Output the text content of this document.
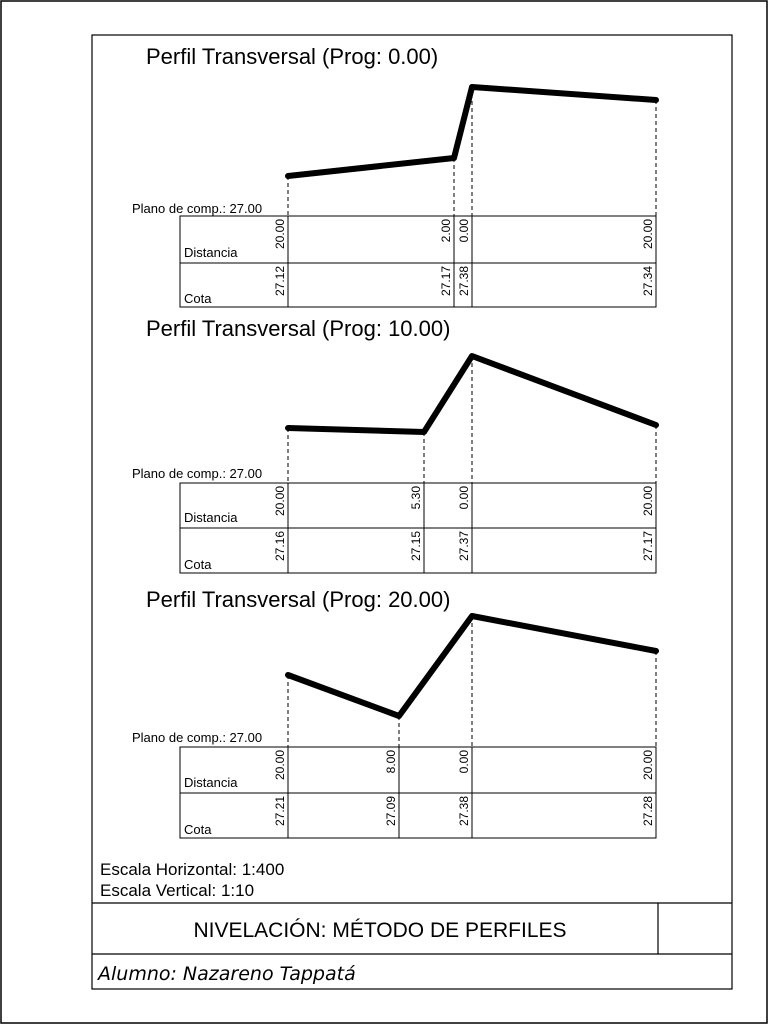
Perfil Transversal (Prog: 0.00)
Plano de comp.: 27.00
Distancia
Cota
20.00
27.12
2.00
27.17
0.00
27.38
20.00
27.34
Perfil Transversal (Prog: 10.00)
Plano de comp.: 27.00
Distancia
Cota
20.00
27.16
5.30
27.15
0.00
27.37
20.00
27.17
Perfil Transversal (Prog: 20.00)
Plano de comp.: 27.00
Distancia
Cota
20.00
27.21
8.00
27.09
0.00
27.38
20.00
27.28
Escala Horizontal: 1:400
Escala Vertical: 1:10
NIVELACIÓN: MÉTODO DE PERFILES
Alumno: Nazareno Tappatá
